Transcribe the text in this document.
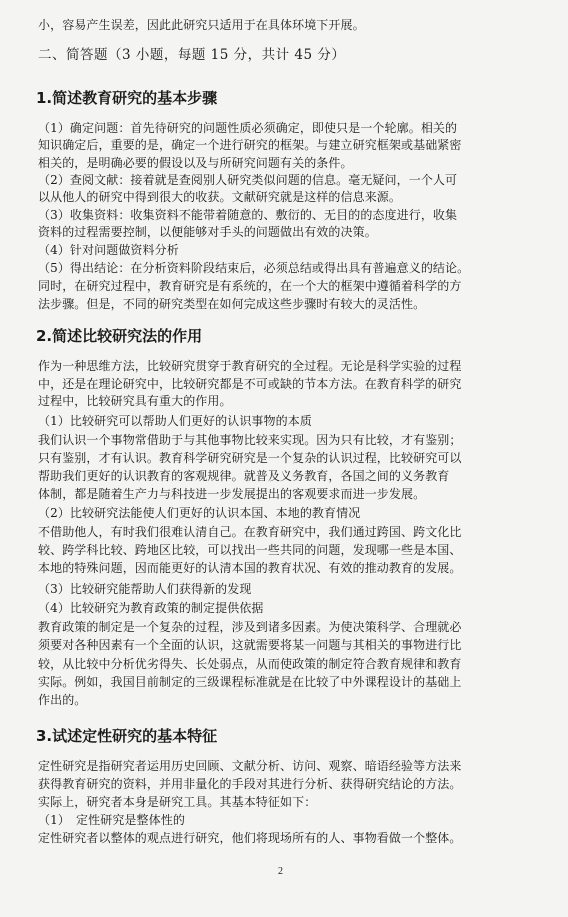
小，容易产生误差，因此此研究只适用于在具体环境下开展。
二、简答题（3 小题，每题 15 分，共计 45 分）
1.简述教育研究的基本步骤
（1）确定问题：首先待研究的问题性质必须确定，即使只是一个轮廓。相关的
知识确定后，重要的是，确定一个进行研究的框架。与建立研究框架或基础紧密
相关的，是明确必要的假设以及与所研究问题有关的条件。
（2）查阅文献：接着就是查阅别人研究类似问题的信息。毫无疑问，一个人可
以从他人的研究中得到很大的收获。文献研究就是这样的信息来源。
（3）收集资料：收集资料不能带着随意的、敷衍的、无目的的态度进行，收集
资料的过程需要控制，以便能够对手头的问题做出有效的决策。
（4）针对问题做资料分析
（5）得出结论：在分析资料阶段结束后，必须总结或得出具有普遍意义的结论。
同时，在研究过程中，教育研究是有系统的，在一个大的框架中遵循着科学的方
法步骤。但是，不同的研究类型在如何完成这些步骤时有较大的灵活性。
2.简述比较研究法的作用
作为一种思维方法，比较研究贯穿于教育研究的全过程。无论是科学实验的过程
中，还是在理论研究中，比较研究都是不可或缺的节本方法。在教育科学的研究
过程中，比较研究具有重大的作用。
（1）比较研究可以帮助人们更好的认识事物的本质
我们认识一个事物常借助于与其他事物比较来实现。因为只有比较，才有鉴别；
只有鉴别，才有认识。教育科学研究研究是一个复杂的认识过程，比较研究可以
帮助我们更好的认识教育的客观规律。就普及义务教育，各国之间的义务教育
体制，都是随着生产力与科技进一步发展提出的客观要求而进一步发展。
（2）比较研究法能使人们更好的认识本国、本地的教育情况
不借助他人，有时我们很难认清自己。在教育研究中，我们通过跨国、跨文化比
较、跨学科比较、跨地区比较，可以找出一些共同的问题，发现哪一些是本国、
本地的特殊问题，因而能更好的认清本国的教育状况、有效的推动教育的发展。
（3）比较研究能帮助人们获得新的发现
（4）比较研究为教育政策的制定提供依据
教育政策的制定是一个复杂的过程，涉及到诸多因素。为使决策科学、合理就必
须要对各种因素有一个全面的认识，这就需要将某一问题与其相关的事物进行比
较，从比较中分析优劣得失、长处弱点，从而使政策的制定符合教育规律和教育
实际。例如，我国目前制定的三级课程标准就是在比较了中外课程设计的基础上
作出的。
3.试述定性研究的基本特征
定性研究是指研究者运用历史回顾、文献分析、访问、观察、暗语经验等方法来
获得教育研究的资料，并用非量化的手段对其进行分析、获得研究结论的方法。
实际上，研究者本身是研究工具。其基本特征如下：
（1）　定性研究是整体性的
定性研究者以整体的观点进行研究，他们将现场所有的人、事物看做一个整体。
2
